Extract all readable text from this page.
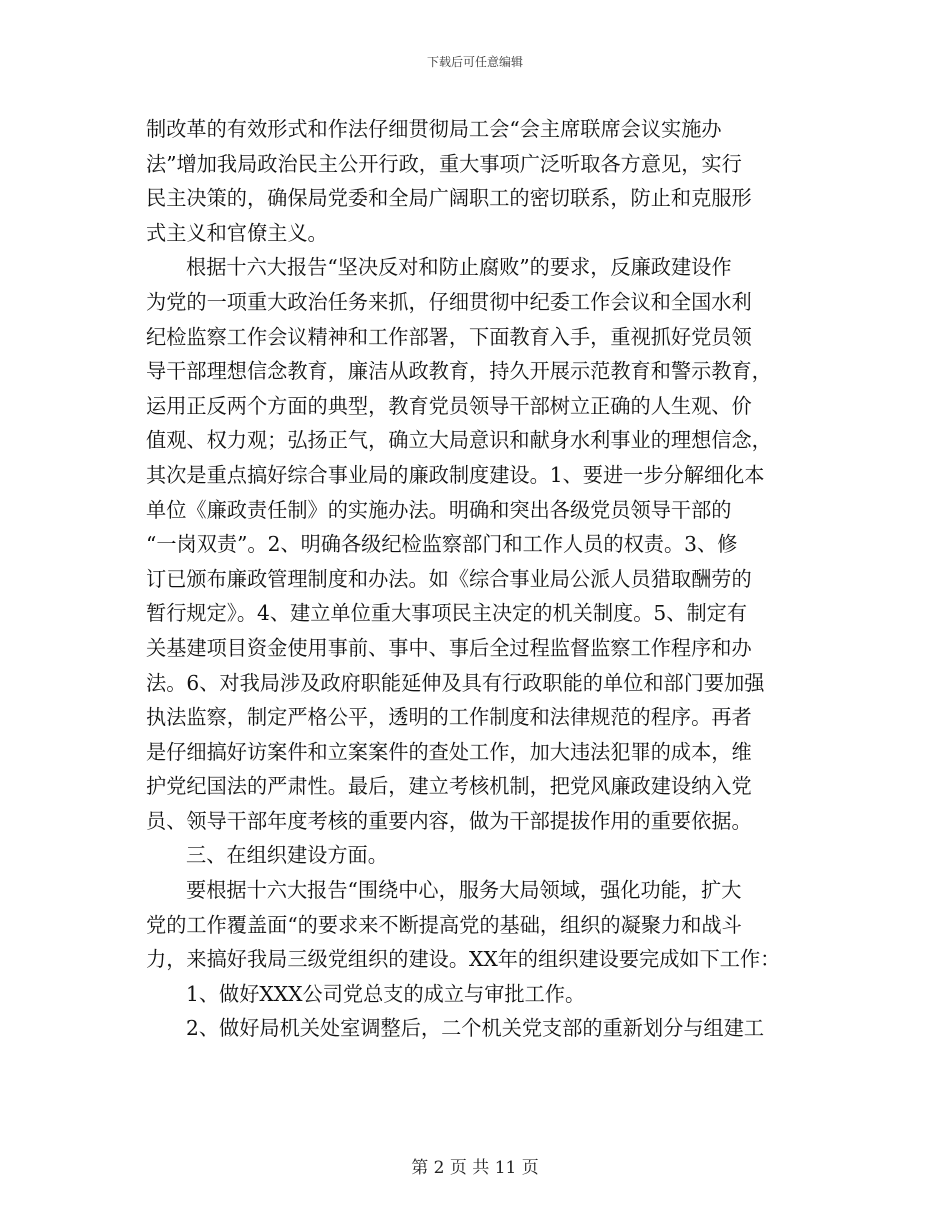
下载后可任意编辑
制改革的有效形式和作法仔细贯彻局工会“会主席联席会议实施办
法”增加我局政治民主公开行政，重大事项广泛听取各方意见，实行
民主决策的，确保局党委和全局广阔职工的密切联系，防止和克服形
式主义和官僚主义。
根据十六大报告“坚决反对和防止腐败”的要求，反廉政建设作
为党的一项重大政治任务来抓，仔细贯彻中纪委工作会议和全国水利
纪检监察工作会议精神和工作部署，下面教育入手，重视抓好党员领
导干部理想信念教育，廉洁从政教育，持久开展示范教育和警示教育，
运用正反两个方面的典型，教育党员领导干部树立正确的人生观、价
值观、权力观；弘扬正气，确立大局意识和献身水利事业的理想信念，
其次是重点搞好综合事业局的廉政制度建设。1、要进一步分解细化本
单位《廉政责任制》的实施办法。明确和突出各级党员领导干部的
“一岗双责”。2、明确各级纪检监察部门和工作人员的权责。3、修
订已颁布廉政管理制度和办法。如《综合事业局公派人员猎取酬劳的
暂行规定》。4、建立单位重大事项民主决定的机关制度。5、制定有
关基建项目资金使用事前、事中、事后全过程监督监察工作程序和办
法。6、对我局涉及政府职能延伸及具有行政职能的单位和部门要加强
执法监察，制定严格公平，透明的工作制度和法律规范的程序。再者
是仔细搞好访案件和立案案件的查处工作，加大违法犯罪的成本，维
护党纪国法的严肃性。最后，建立考核机制，把党风廉政建设纳入党
员、领导干部年度考核的重要内容，做为干部提拔作用的重要依据。
三、在组织建设方面。
要根据十六大报告“围绕中心，服务大局领域，强化功能，扩大
党的工作覆盖面“的要求来不断提高党的基础，组织的凝聚力和战斗
力，来搞好我局三级党组织的建设。XX年的组织建设要完成如下工作：
1、做好XXX公司党总支的成立与审批工作。
2、做好局机关处室调整后，二个机关党支部的重新划分与组建工
第 2 页 共 11 页
